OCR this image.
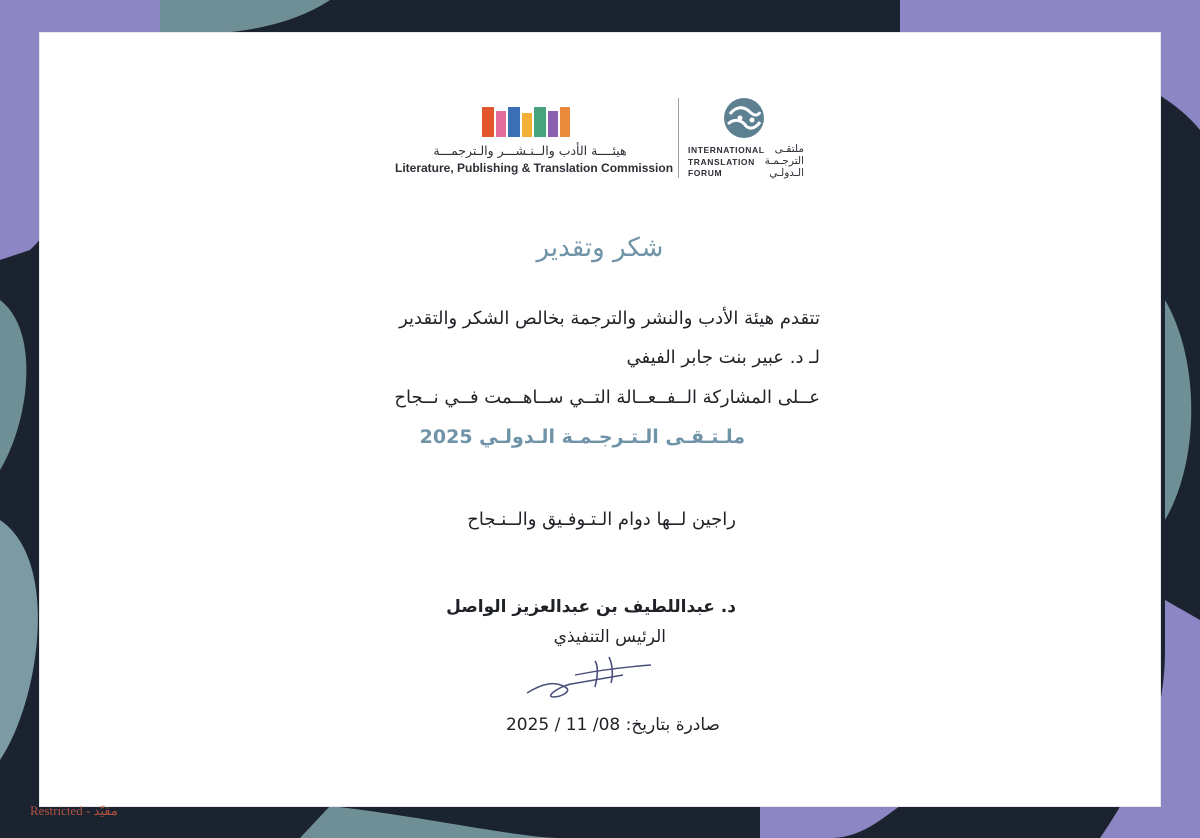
هيئــــة الأدب والــنـشـــر والـترجمـــة
Literature, Publishing & Translation Commission
INTERNATIONAL
TRANSLATION
FORUM
ملتقـى
الترجـمـة
الـدولـي
شكر وتقدير
تتقدم هيئة الأدب والنشر والترجمة بخالص الشكر والتقدير
لـ د. عبير بنت جابر الفيفي
عــلى المشاركة الــفــعــالة التــي ســاهــمت فــي نــجاح
ملـتـقـى الـتـرجـمـة الـدولـي 2025
راجين لــها دوام الـتـوفـيق والــنـجاح
د. عبداللطيف بن عبدالعزيز الواصل
الرئيس التنفيذي
صادرة بتاريخ: 08/ 11 / 2025
Restricted - مقيّد
